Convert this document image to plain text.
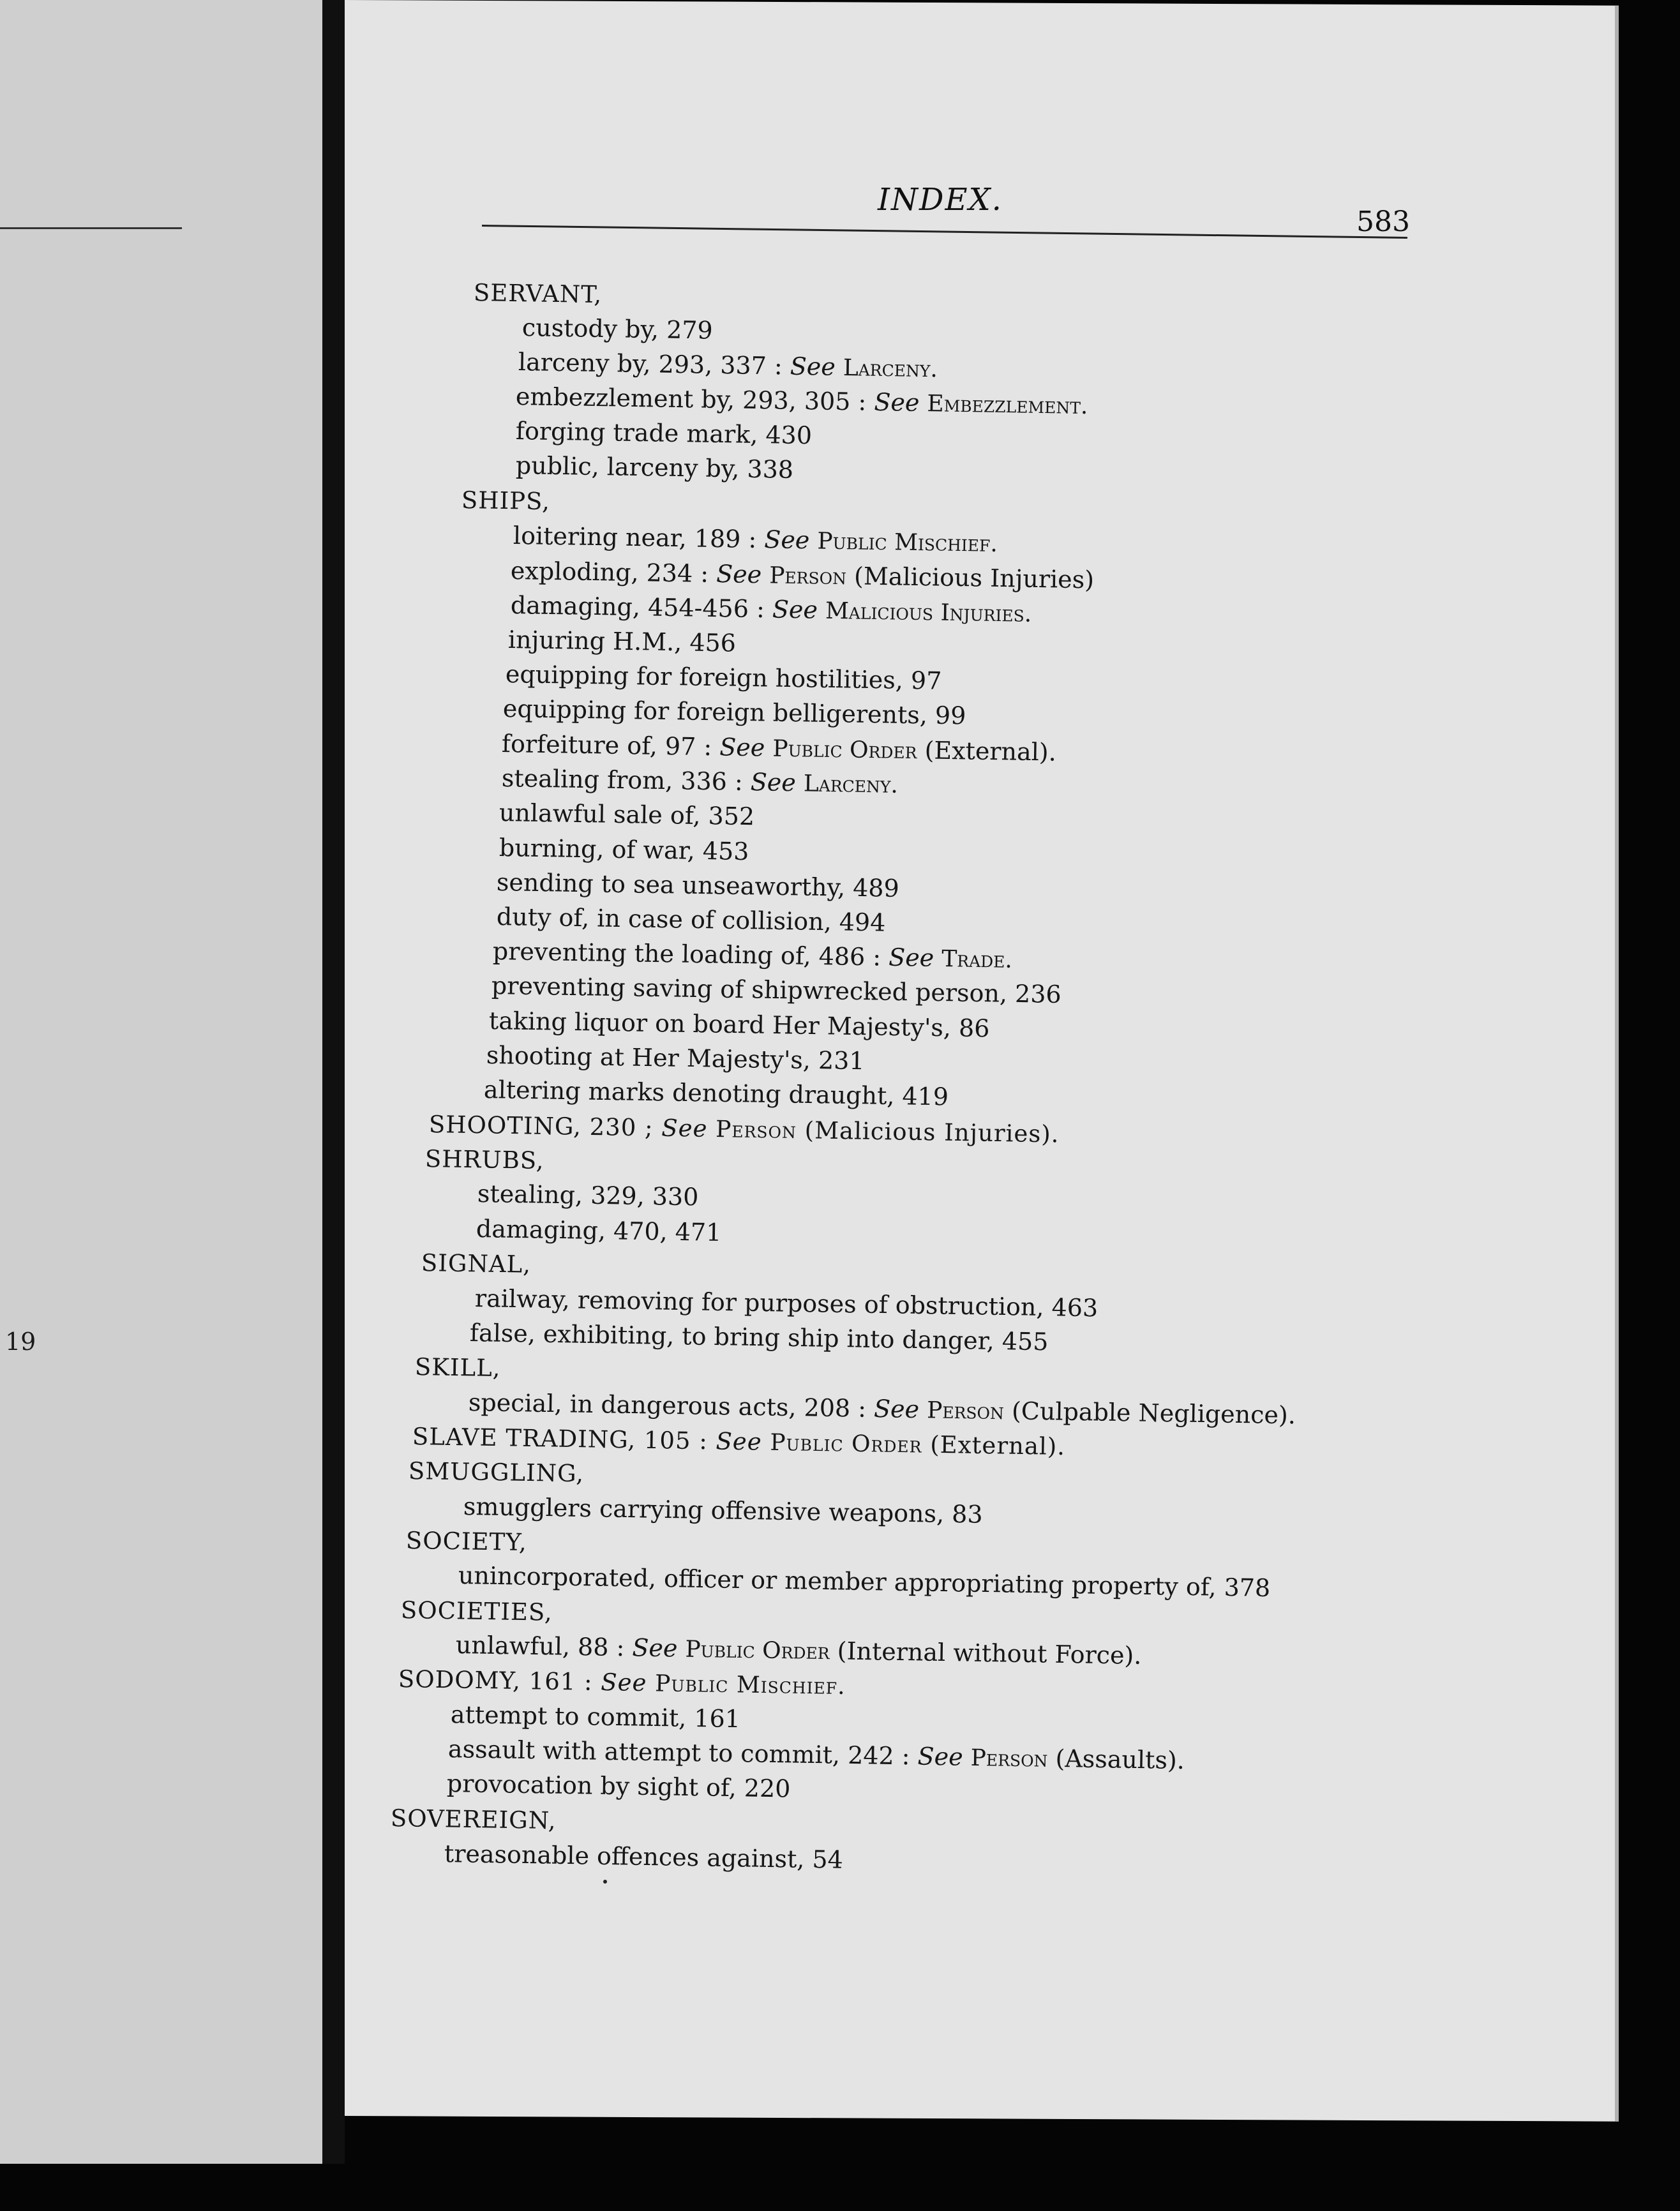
19
INDEX.
583
SERVANT,
custody by, 279
larceny by, 293, 337 : See Larceny.
embezzlement by, 293, 305 : See Embezzlement.
forging trade mark, 430
public, larceny by, 338
SHIPS,
loitering near, 189 : See Public Mischief.
exploding, 234 : See Person (Malicious Injuries)
damaging, 454-456 : See Malicious Injuries.
injuring H.M., 456
equipping for foreign hostilities, 97
equipping for foreign belligerents, 99
forfeiture of, 97 : See Public Order (External).
stealing from, 336 : See Larceny.
unlawful sale of, 352
burning, of war, 453
sending to sea unseaworthy, 489
duty of, in case of collision, 494
preventing the loading of, 486 : See Trade.
preventing saving of shipwrecked person, 236
taking liquor on board Her Majesty's, 86
shooting at Her Majesty's, 231
altering marks denoting draught, 419
SHOOTING, 230 ; See Person (Malicious Injuries).
SHRUBS,
stealing, 329, 330
damaging, 470, 471
SIGNAL,
railway, removing for purposes of obstruction, 463
false, exhibiting, to bring ship into danger, 455
SKILL,
special, in dangerous acts, 208 : See Person (Culpable Negligence).
SLAVE TRADING, 105 : See Public Order (External).
SMUGGLING,
smugglers carrying offensive weapons, 83
SOCIETY,
unincorporated, officer or member appropriating property of, 378
SOCIETIES,
unlawful, 88 : See Public Order (Internal without Force).
SODOMY, 161 : See Public Mischief.
attempt to commit, 161
assault with attempt to commit, 242 : See Person (Assaults).
provocation by sight of, 220
SOVEREIGN,
treasonable offences against, 54
